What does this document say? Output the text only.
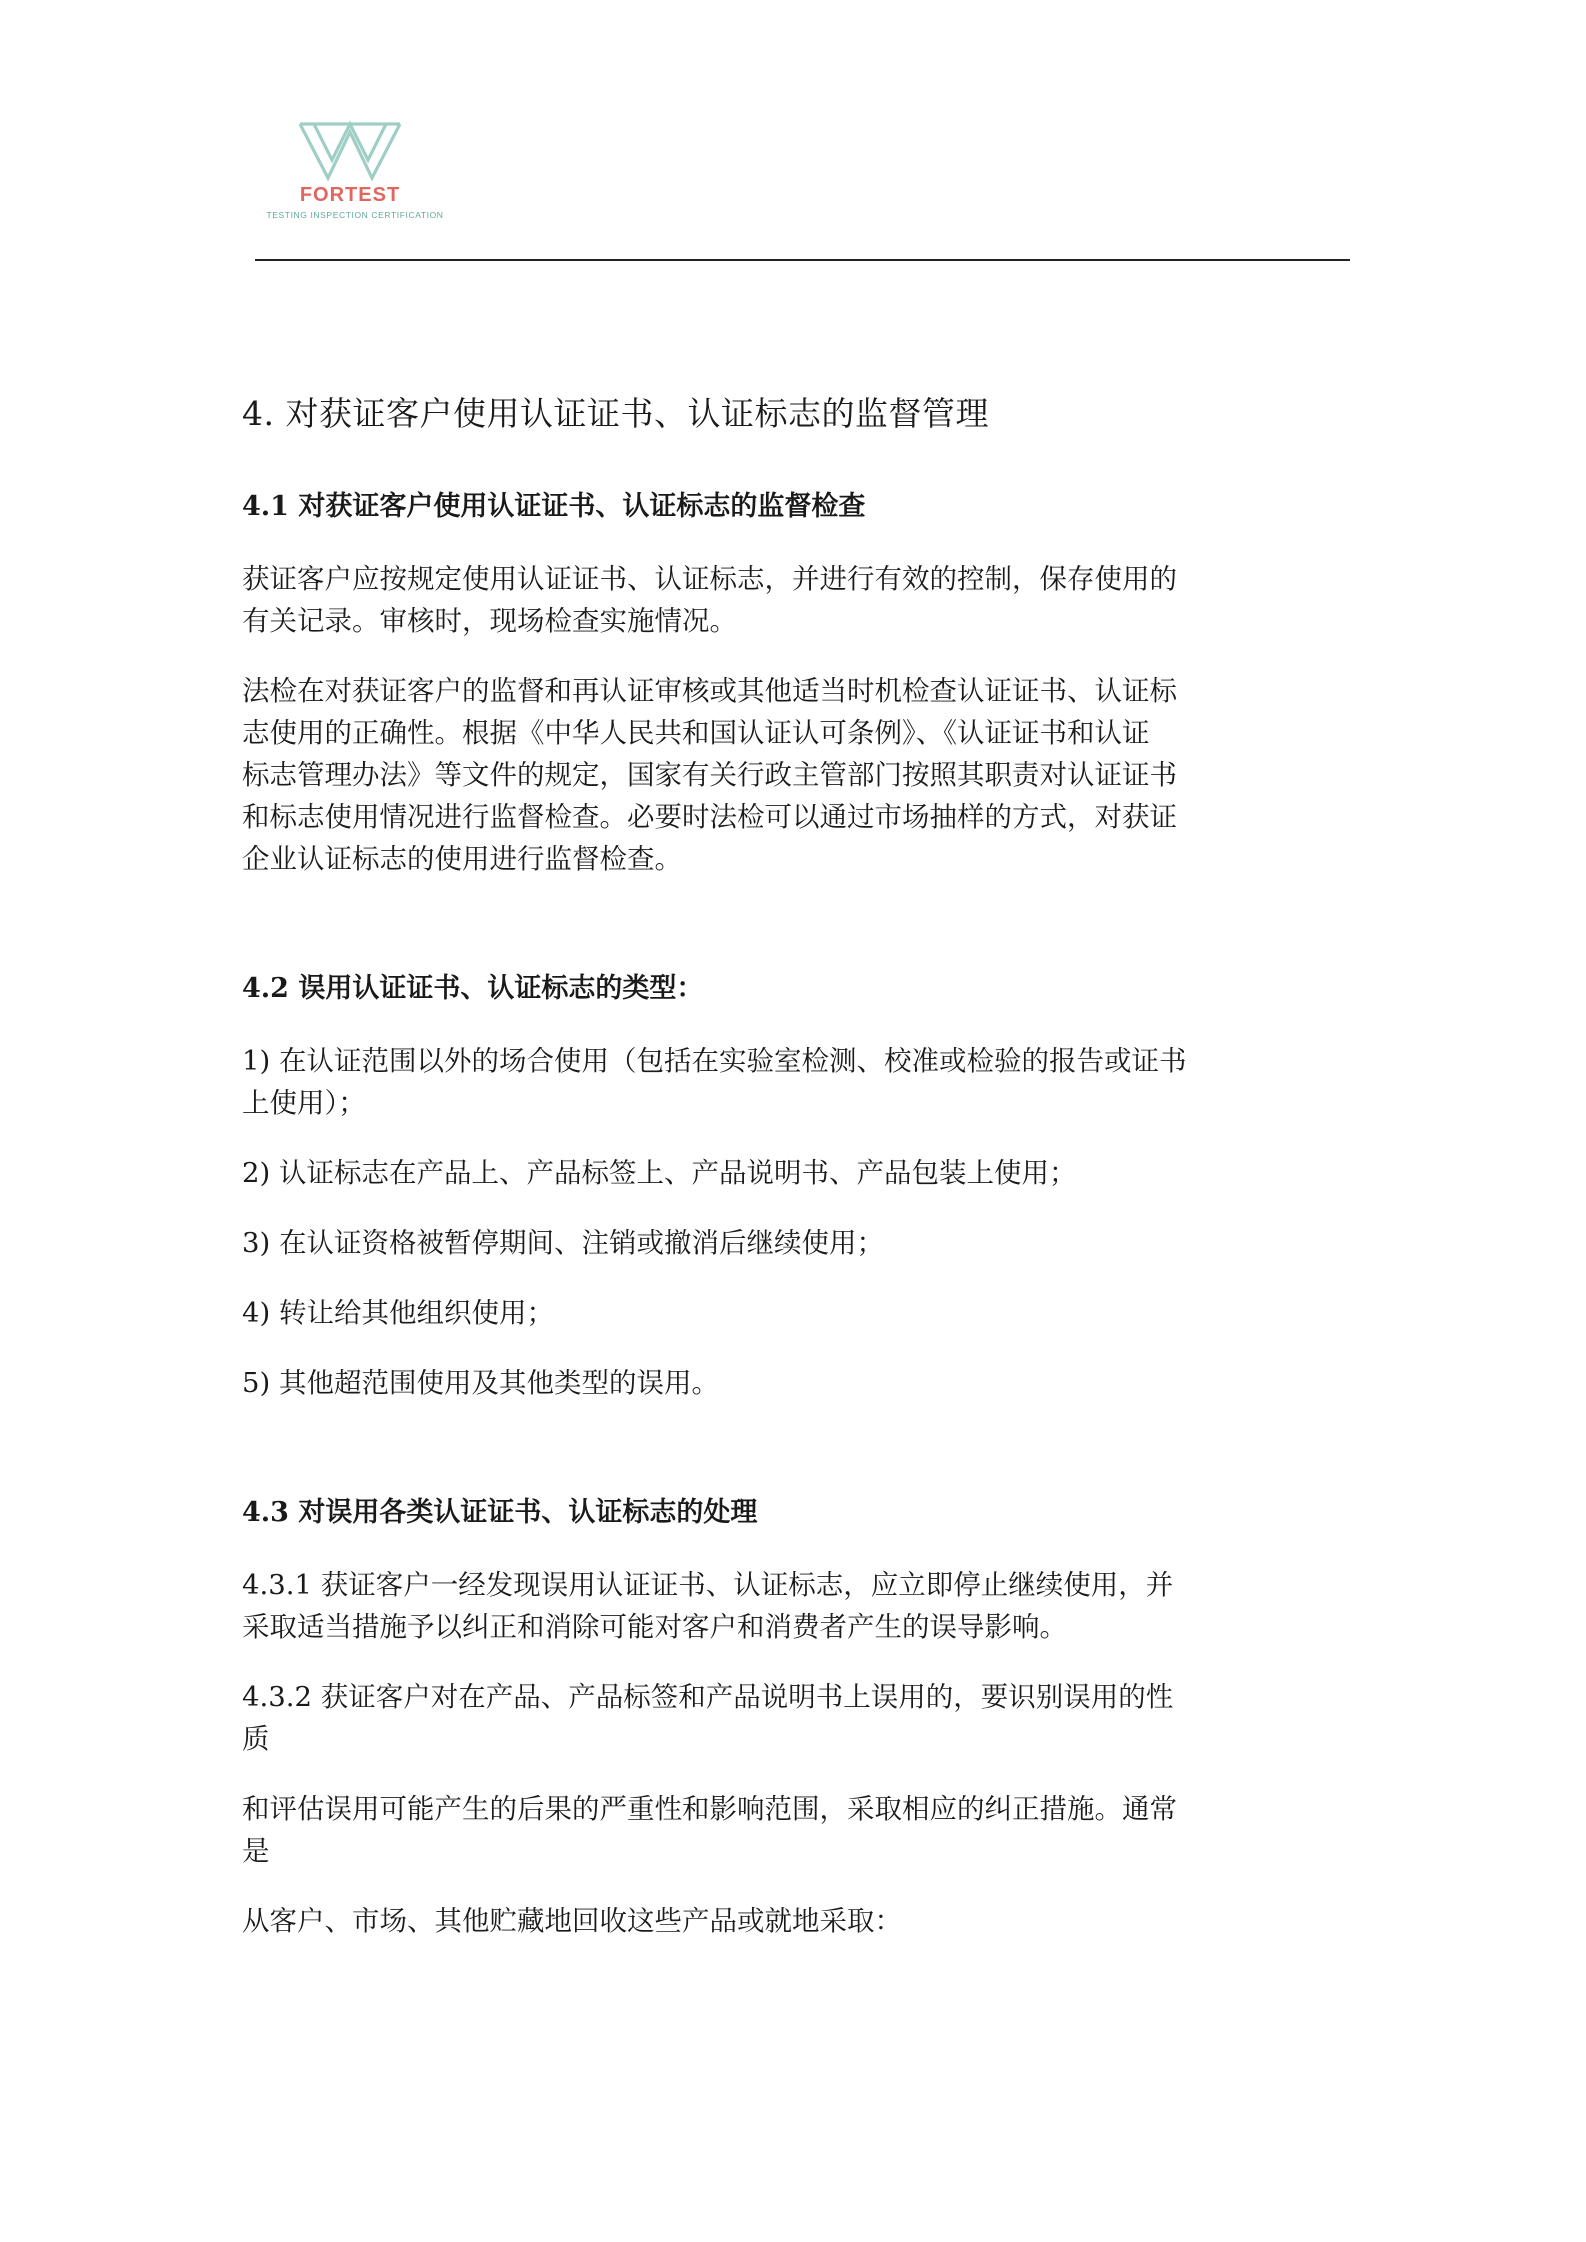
FORTEST
TESTING INSPECTION CERTIFICATION
4. 对获证客户使用认证证书、认证标志的监督管理
4.1 对获证客户使用认证证书、认证标志的监督检查

获证客户应按规定使用认证证书、认证标志，并进行有效的控制，保存使用的
有关记录。审核时，现场检查实施情况。

法检在对获证客户的监督和再认证审核或其他适当时机检查认证证书、认证标
志使用的正确性。根据《中华人民共和国认证认可条例》、《认证证书和认证
标志管理办法》等文件的规定，国家有关行政主管部门按照其职责对认证证书
和标志使用情况进行监督检查。必要时法检可以通过市场抽样的方式，对获证
企业认证标志的使用进行监督检查。

4.2 误用认证证书、认证标志的类型：

1) 在认证范围以外的场合使用（包括在实验室检测、校准或检验的报告或证书
上使用）；

2) 认证标志在产品上、产品标签上、产品说明书、产品包装上使用；

3) 在认证资格被暂停期间、注销或撤消后继续使用；

4) 转让给其他组织使用；

5) 其他超范围使用及其他类型的误用。

4.3 对误用各类认证证书、认证标志的处理

4.3.1 获证客户一经发现误用认证证书、认证标志，应立即停止继续使用，并
采取适当措施予以纠正和消除可能对客户和消费者产生的误导影响。

4.3.2 获证客户对在产品、产品标签和产品说明书上误用的，要识别误用的性
质

和评估误用可能产生的后果的严重性和影响范围，采取相应的纠正措施。通常
是

从客户、市场、其他贮藏地回收这些产品或就地采取：
